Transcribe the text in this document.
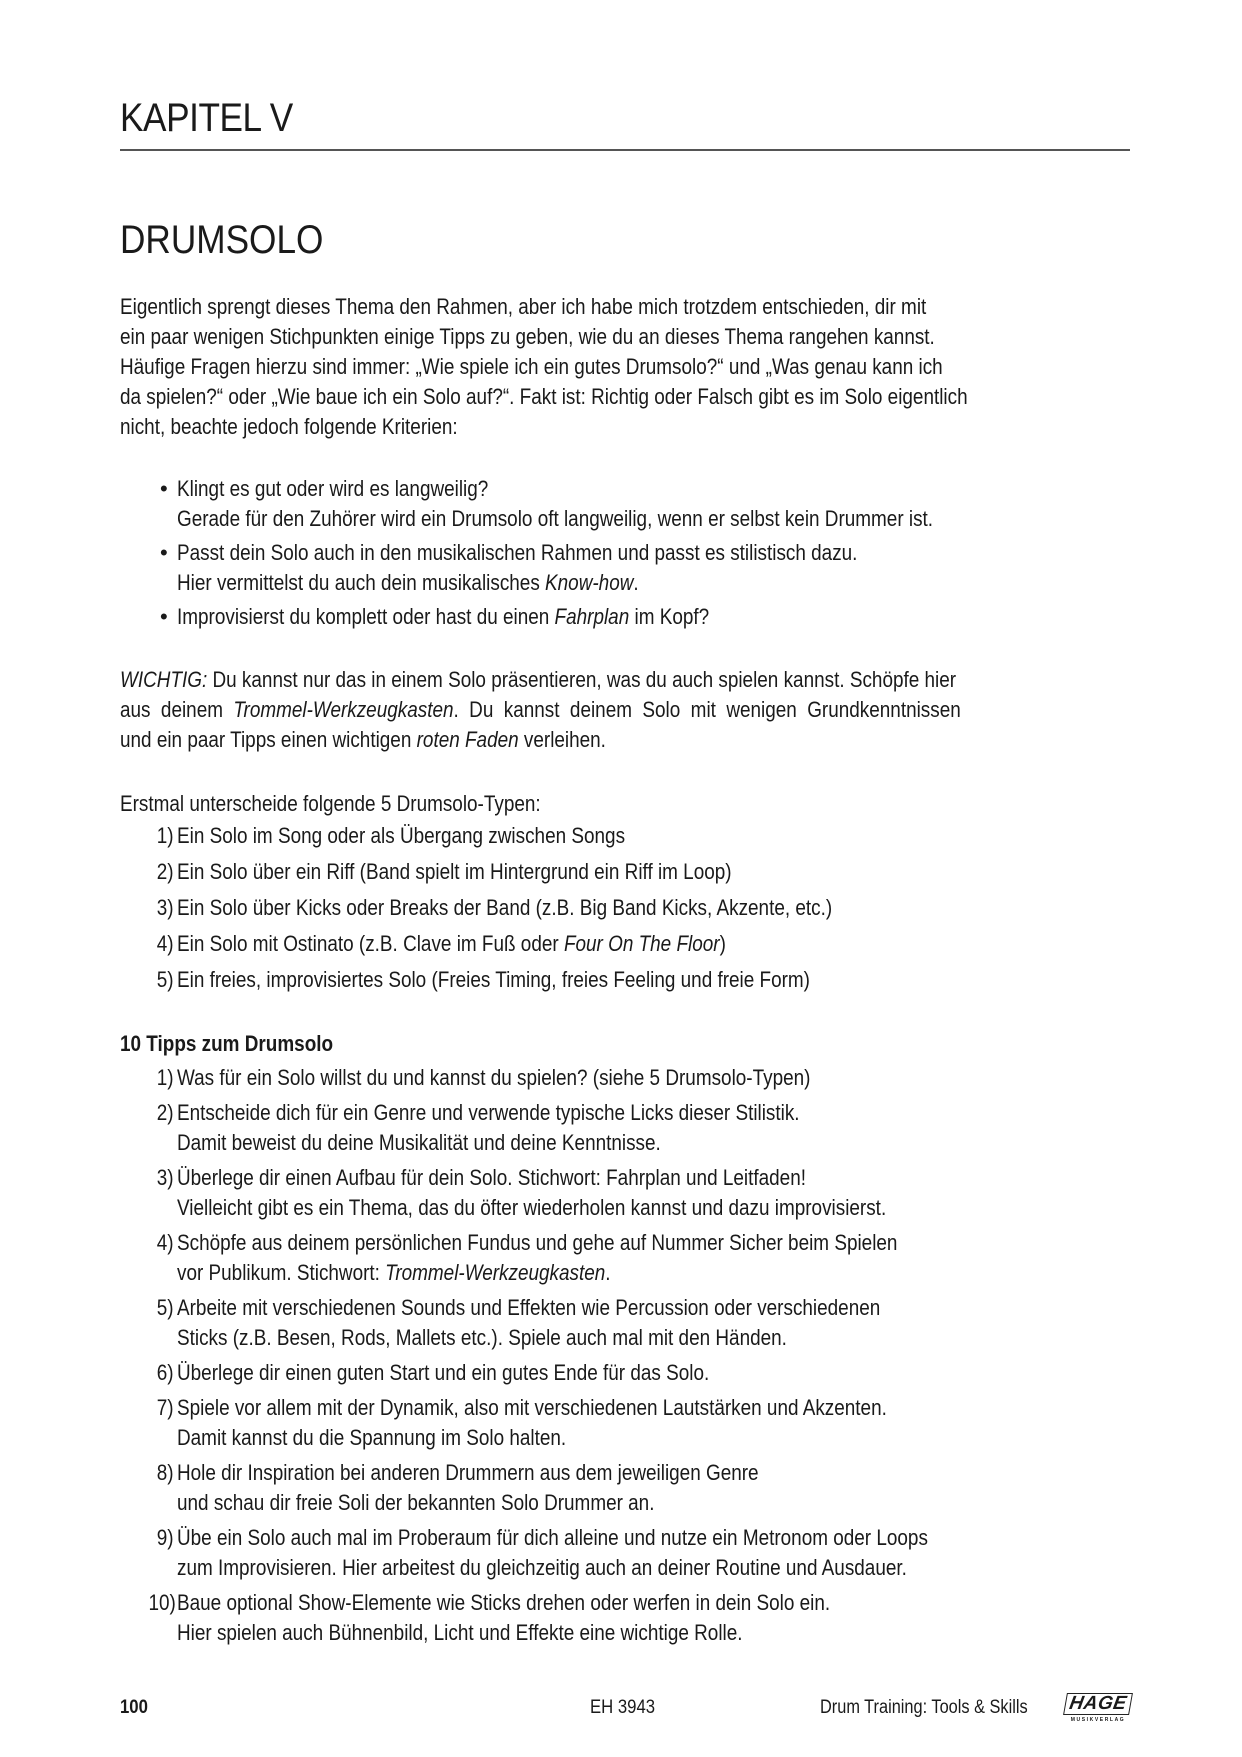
KAPITEL V
DRUMSOLO
Eigentlich sprengt dieses Thema den Rahmen, aber ich habe mich trotzdem entschieden, dir mit
ein paar wenigen Stichpunkten einige Tipps zu geben, wie du an dieses Thema rangehen kannst.
Häufige Fragen hierzu sind immer: „Wie spiele ich ein gutes Drumsolo?“ und „Was genau kann ich
da spielen?“ oder „Wie baue ich ein Solo auf?“. Fakt ist: Richtig oder Falsch gibt es im Solo eigentlich
nicht, beachte jedoch folgende Kriterien:
• Klingt es gut oder wird es langweilig?
Gerade für den Zuhörer wird ein Drumsolo oft langweilig, wenn er selbst kein Drummer ist.
• Passt dein Solo auch in den musikalischen Rahmen und passt es stilistisch dazu.
Hier vermittelst du auch dein musikalisches Know-how.
• Improvisierst du komplett oder hast du einen Fahrplan im Kopf?
WICHTIG: Du kannst nur das in einem Solo präsentieren, was du auch spielen kannst. Schöpfe hier
aus deinem Trommel-Werkzeugkasten. Du kannst deinem Solo mit wenigen Grundkenntnissen
und ein paar Tipps einen wichtigen roten Faden verleihen.
Erstmal unterscheide folgende 5 Drumsolo-Typen:
1) Ein Solo im Song oder als Übergang zwischen Songs
2) Ein Solo über ein Riff (Band spielt im Hintergrund ein Riff im Loop)
3) Ein Solo über Kicks oder Breaks der Band (z.B. Big Band Kicks, Akzente, etc.)
4) Ein Solo mit Ostinato (z.B. Clave im Fuß oder Four On The Floor)
5) Ein freies, improvisiertes Solo (Freies Timing, freies Feeling und freie Form)
10 Tipps zum Drumsolo
1) Was für ein Solo willst du und kannst du spielen? (siehe 5 Drumsolo-Typen)
2) Entscheide dich für ein Genre und verwende typische Licks dieser Stilistik.
Damit beweist du deine Musikalität und deine Kenntnisse.
3) Überlege dir einen Aufbau für dein Solo. Stichwort: Fahrplan und Leitfaden!
Vielleicht gibt es ein Thema, das du öfter wiederholen kannst und dazu improvisierst.
4) Schöpfe aus deinem persönlichen Fundus und gehe auf Nummer Sicher beim Spielen
vor Publikum. Stichwort: Trommel-Werkzeugkasten.
5) Arbeite mit verschiedenen Sounds und Effekten wie Percussion oder verschiedenen
Sticks (z.B. Besen, Rods, Mallets etc.). Spiele auch mal mit den Händen.
6) Überlege dir einen guten Start und ein gutes Ende für das Solo.
7) Spiele vor allem mit der Dynamik, also mit verschiedenen Lautstärken und Akzenten.
Damit kannst du die Spannung im Solo halten.
8) Hole dir Inspiration bei anderen Drummern aus dem jeweiligen Genre
und schau dir freie Soli der bekannten Solo Drummer an.
9) Übe ein Solo auch mal im Proberaum für dich alleine und nutze ein Metronom oder Loops
zum Improvisieren. Hier arbeitest du gleichzeitig auch an deiner Routine und Ausdauer.
10) Baue optional Show-Elemente wie Sticks drehen oder werfen in dein Solo ein.
Hier spielen auch Bühnenbild, Licht und Effekte eine wichtige Rolle.
100	EH 3943	Drum Training: Tools & Skills HAGE
MUSIKVERLAG
